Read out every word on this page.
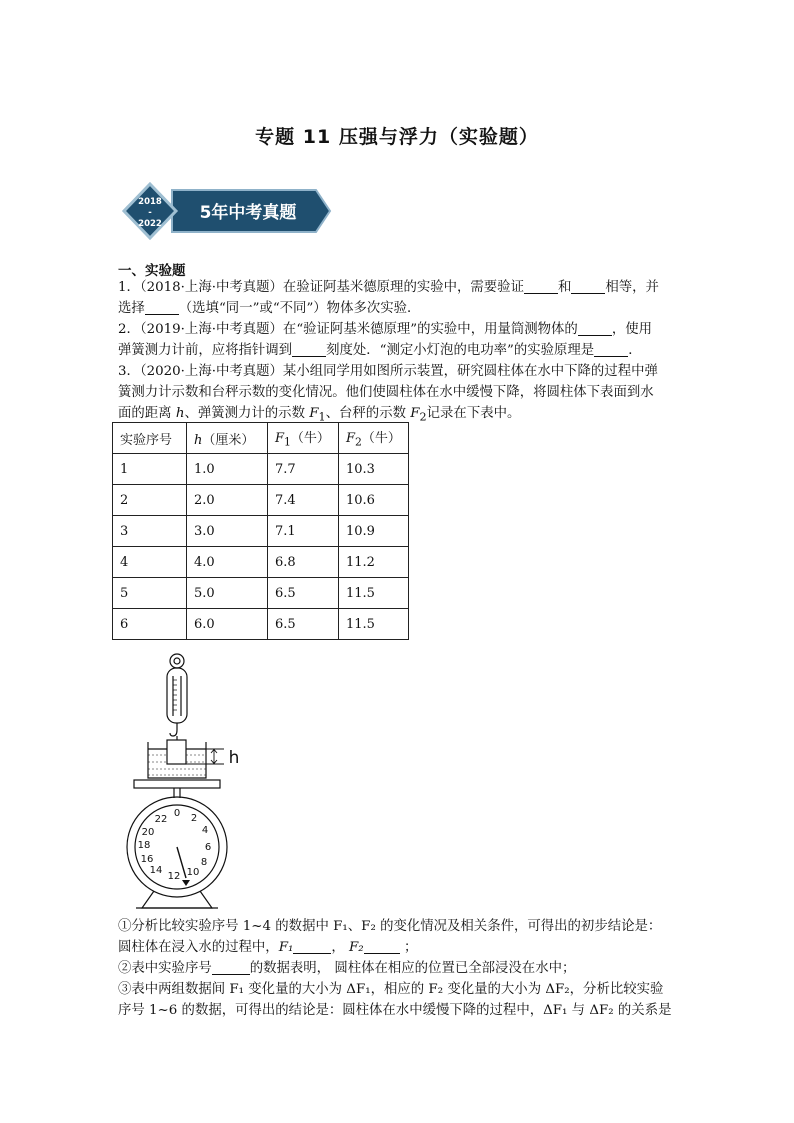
专题 11 压强与浮力（实验题）
2018
-
2022
5年中考真题
一、实验题
1．（2018·上海·中考真题）在验证阿基米德原理的实验中，需要验证	和	相等，并
选择	（选填“同一”或“不同”）物体多次实验．
2．（2019·上海·中考真题）在“验证阿基米德原理”的实验中，用量筒测物体的	，使用
弹簧测力计前，应将指针调到	刻度处．“测定小灯泡的电功率”的实验原理是	．
3．（2020·上海·中考真题）某小组同学用如图所示装置，研究圆柱体在水中下降的过程中弹
簧测力计示数和台秤示数的变化情况。他们使圆柱体在水中缓慢下降，将圆柱体下表面到水
面的距离 h、弹簧测力计的示数 $F_1$、台秤的示数 $F_2$记录在下表中。
实验序号	h（厘米）	$F_1$（牛）	$F_2$（牛）
1	1.0	7.7	10.3
2	2.0	7.4	10.6
3	3.0	7.1	10.9
4	4.0	6.8	11.2
5	5.0	6.5	11.5
6	6.0	6.5	11.5
h
0 2
4
6
8
10
12
14
16
18
20
22
①分析比较实验序号 1~4 的数据中 F₁、F₂ 的变化情况及相关条件，可得出的初步结论是：
圆柱体在浸入水的过程中，F₁	， F₂	；
②表中实验序号	的数据表明， 圆柱体在相应的位置已全部浸没在水中；
③表中两组数据间 F₁ 变化量的大小为 ΔF₁，相应的 F₂ 变化量的大小为 ΔF₂，分析比较实验
序号 1~6 的数据，可得出的结论是：圆柱体在水中缓慢下降的过程中，ΔF₁ 与 ΔF₂ 的关系是
